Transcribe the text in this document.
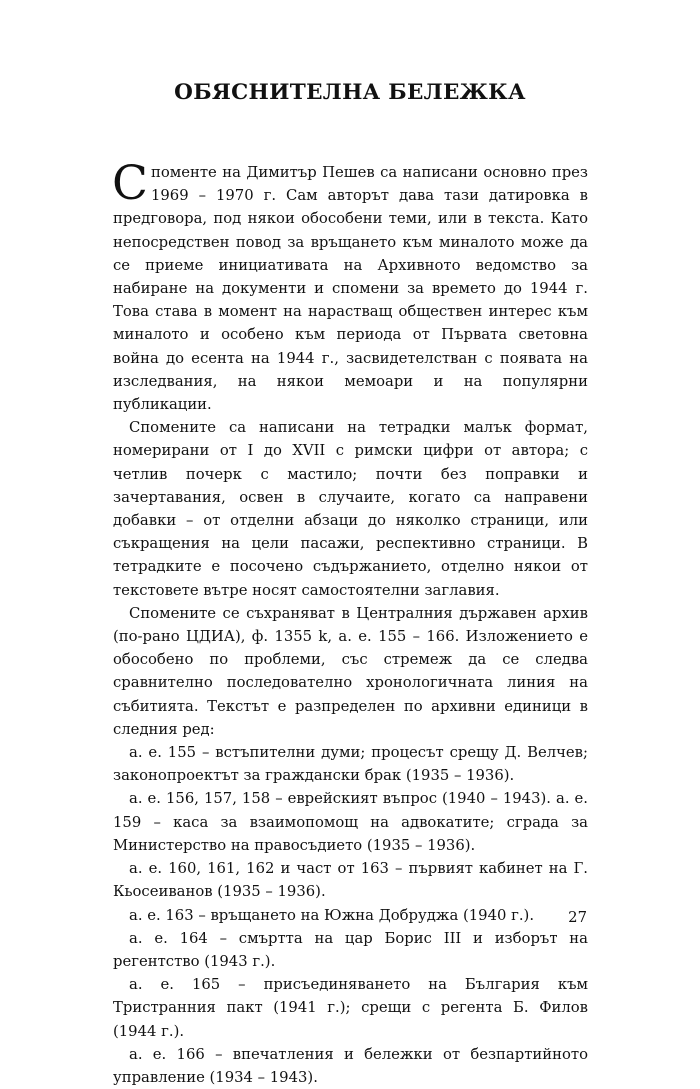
ОБЯСНИТЕЛНА БЕЛЕЖКА

Споменте на Димитър Пешев са написани основно през 1969 – 1970 г. Сам авторът дава тази датировка в предговора, под някои обособени теми, или в текста. Като непосредствен повод за връщането към миналото може да се приеме инициативата на Архивното ведомство за набиране на документи и спомени за времето до 1944 г. Това става в момент на нарастващ обществен интерес към миналото и особено към периода от Първата световна война до есента на 1944 г., засвидетелстван с появата на изследвания, на някои мемоари и на популярни публикации.

Спомените са написани на тетрадки малък формат, номерирани от I до XVII с римски цифри от автора; с четлив почерк с мастило; почти без поправки и зачертавания, освен в случаите, когато са направени добавки – от отделни абзаци до няколко страници, или съкращения на цели пасажи, респективно страници. В тетрадките е посочено съдържанието, отделно някои от текстовете вътре носят самостоятелни заглавия.

Спомените се съхраняват в Централния държавен архив (по-рано ЦДИА), ф. 1355 k, а. е. 155 – 166. Изложението е обособено по проблеми, със стремеж да се следва сравнително последователно хронологичната линия на събитията. Текстът е разпределен по архивни единици в следния ред:

а. е. 155 – встъпителни думи; процесът срещу Д. Велчев; законопроектът за граждански брак (1935 – 1936).

а. е. 156, 157, 158 – еврейският въпрос (1940 – 1943). а. е. 159 – каса за взаимопомощ на адвокатите; сграда за Министерство на правосъдието (1935 – 1936).

а. е. 160, 161, 162 и част от 163 – първият кабинет на Г. Кьосеиванов (1935 – 1936).

а. е. 163 – връщането на Южна Добруджа (1940 г.).

а. е. 164 – смъртта на цар Борис III и изборът на регентство (1943 г.).

а. е. 165 – присъединяването на България към Тристранния пакт (1941 г.); срещи с регента Б. Филов (1944 г.).

а. е. 166 – впечатления и бележки от безпартийното управление (1934 – 1943).

27
